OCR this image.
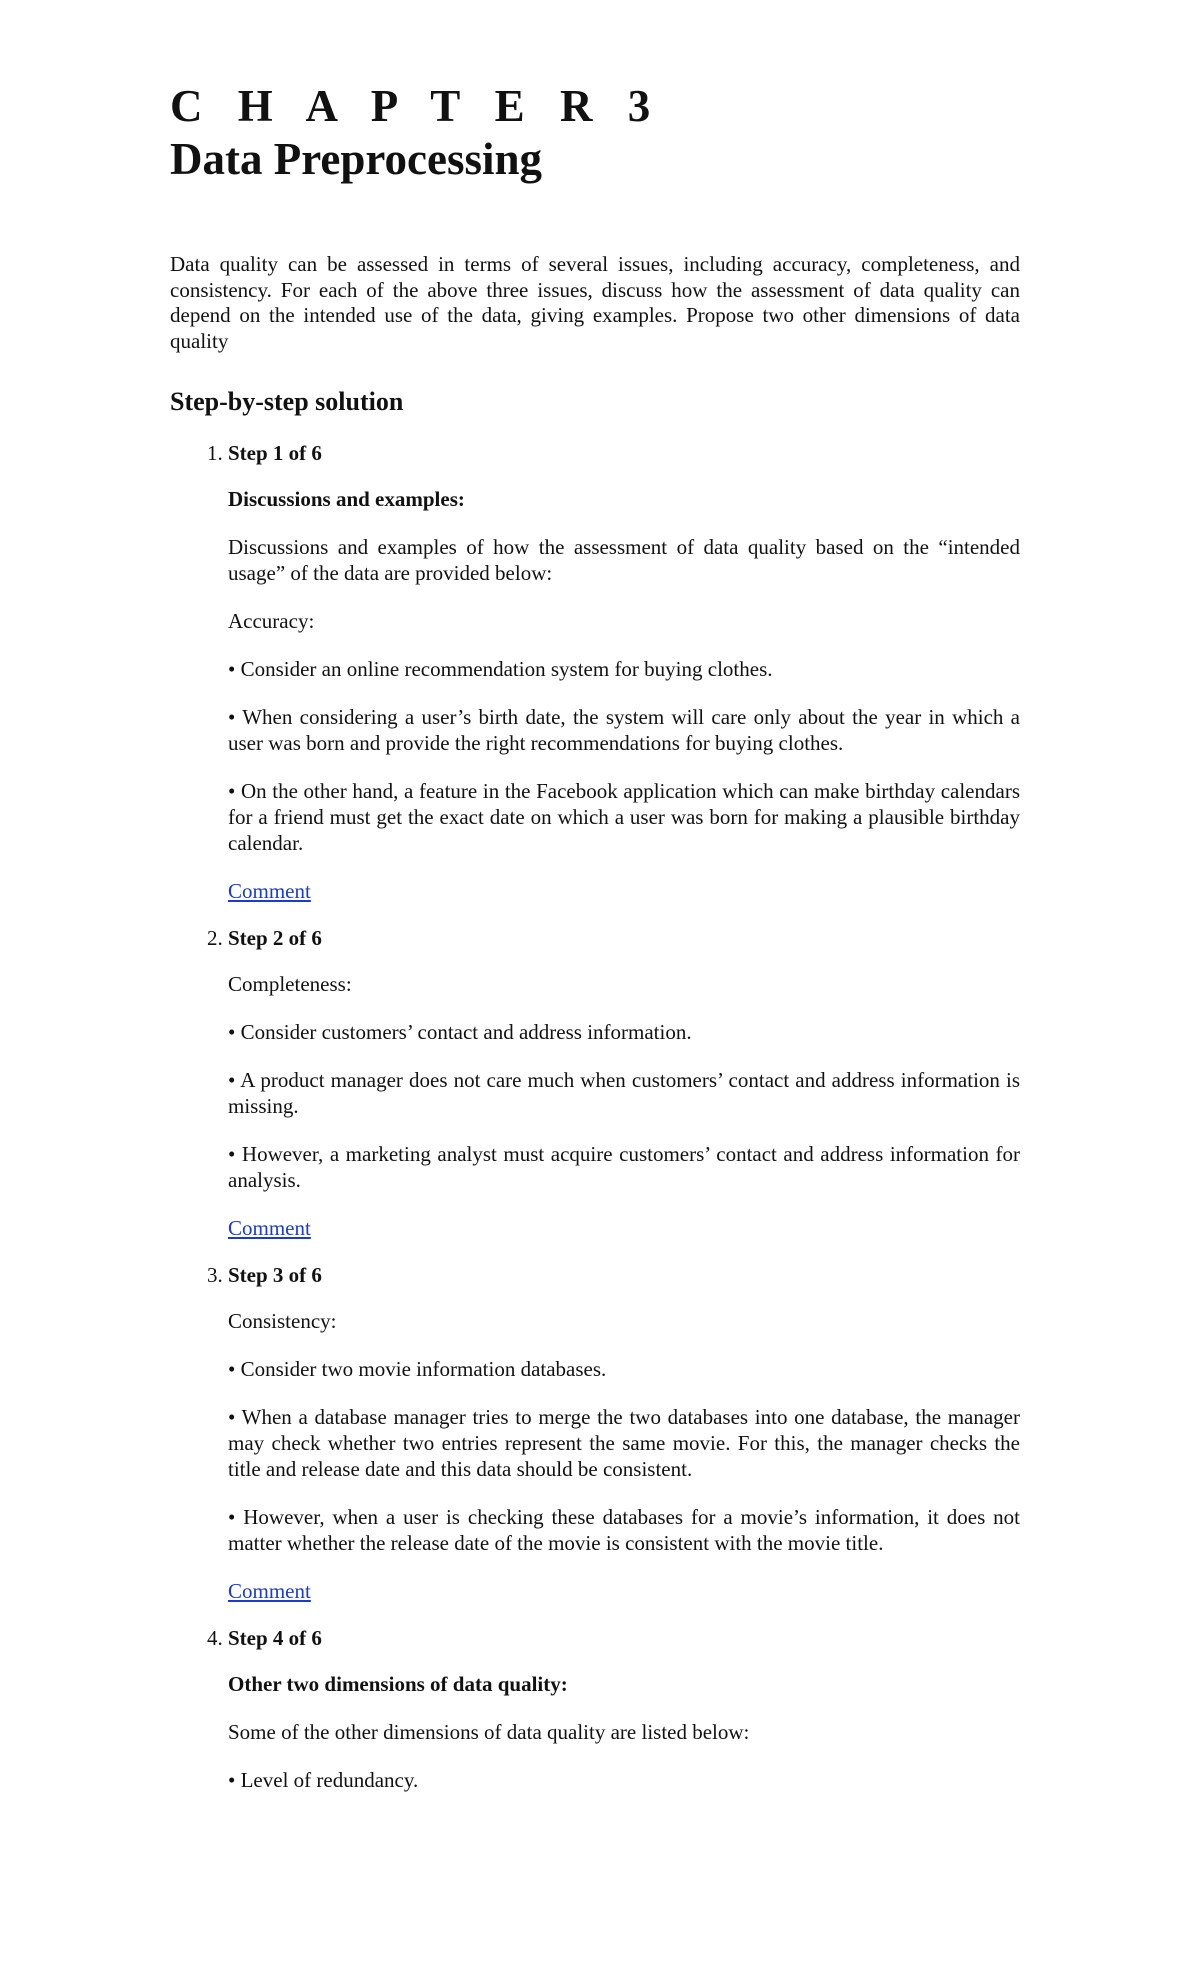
C H A P T E R 3
Data Preprocessing

Data quality can be assessed in terms of several issues, including accuracy, completeness, and consistency. For each of the above three issues, discuss how the assessment of data quality can depend on the intended use of the data, giving examples. Propose two other dimensions of data quality

Step-by-step solution
1. Step 1 of 6
Discussions and examples:
Discussions and examples of how the assessment of data quality based on the “intended usage” of the data are provided below:
Accuracy:
• Consider an online recommendation system for buying clothes.
• When considering a user’s birth date, the system will care only about the year in which a user was born and provide the right recommendations for buying clothes.
• On the other hand, a feature in the Facebook application which can make birthday calendars for a friend must get the exact date on which a user was born for making a plausible birthday calendar.
Comment
2. Step 2 of 6
Completeness:
• Consider customers’ contact and address information.
• A product manager does not care much when customers’ contact and address information is missing.
• However, a marketing analyst must acquire customers’ contact and address information for analysis.
Comment
3. Step 3 of 6
Consistency:
• Consider two movie information databases.
• When a database manager tries to merge the two databases into one database, the manager may check whether two entries represent the same movie. For this, the manager checks the title and release date and this data should be consistent.
• However, when a user is checking these databases for a movie’s information, it does not matter whether the release date of the movie is consistent with the movie title.
Comment
4. Step 4 of 6
Other two dimensions of data quality:
Some of the other dimensions of data quality are listed below:
• Level of redundancy.
